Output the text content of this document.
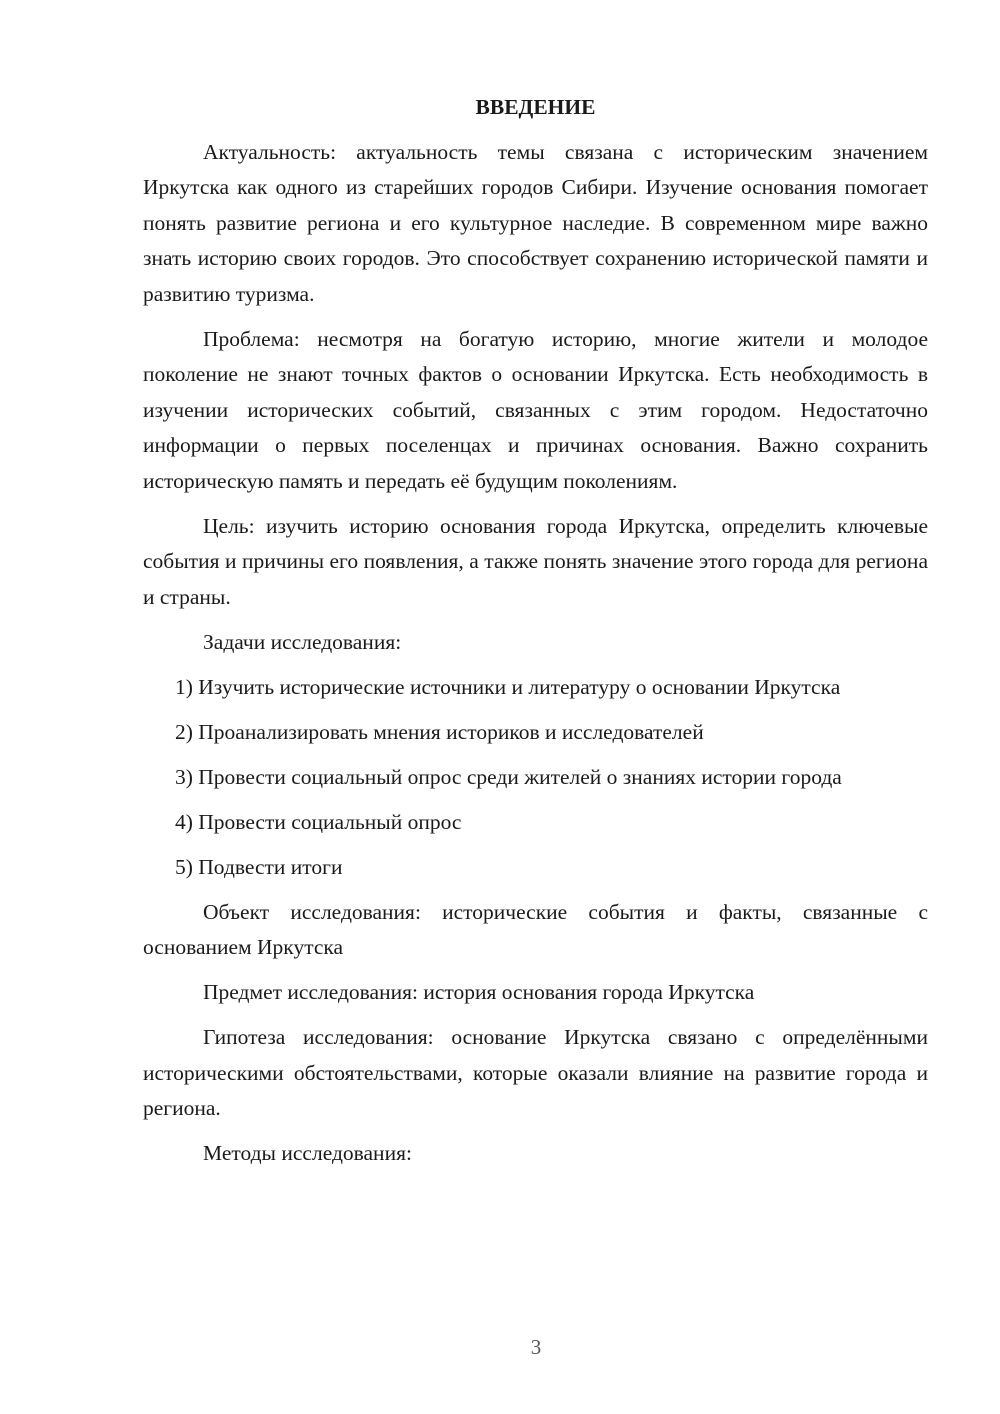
ВВЕДЕНИЕ

Актуальность: актуальность темы связана с историческим значением Иркутска как одного из старейших городов Сибири. Изучение основания помогает понять развитие региона и его культурное наследие. В современном мире важно знать историю своих городов. Это способствует сохранению исторической памяти и развитию туризма.

Проблема: несмотря на богатую историю, многие жители и молодое поколение не знают точных фактов о основании Иркутска. Есть необходимость в изучении исторических событий, связанных с этим городом. Недостаточно информации о первых поселенцах и причинах основания. Важно сохранить историческую память и передать её будущим поколениям.

Цель: изучить историю основания города Иркутска, определить ключевые события и причины его появления, а также понять значение этого города для региона и страны.

Задачи исследования:

1) Изучить исторические источники и литературу о основании Иркутска

2) Проанализировать мнения историков и исследователей

3) Провести социальный опрос среди жителей о знаниях истории города

4) Провести социальный опрос

5) Подвести итоги

Объект исследования: исторические события и факты, связанные с основанием Иркутска

Предмет исследования: история основания города Иркутска

Гипотеза исследования: основание Иркутска связано с определёнными историческими обстоятельствами, которые оказали влияние на развитие города и региона.

Методы исследования:

3
